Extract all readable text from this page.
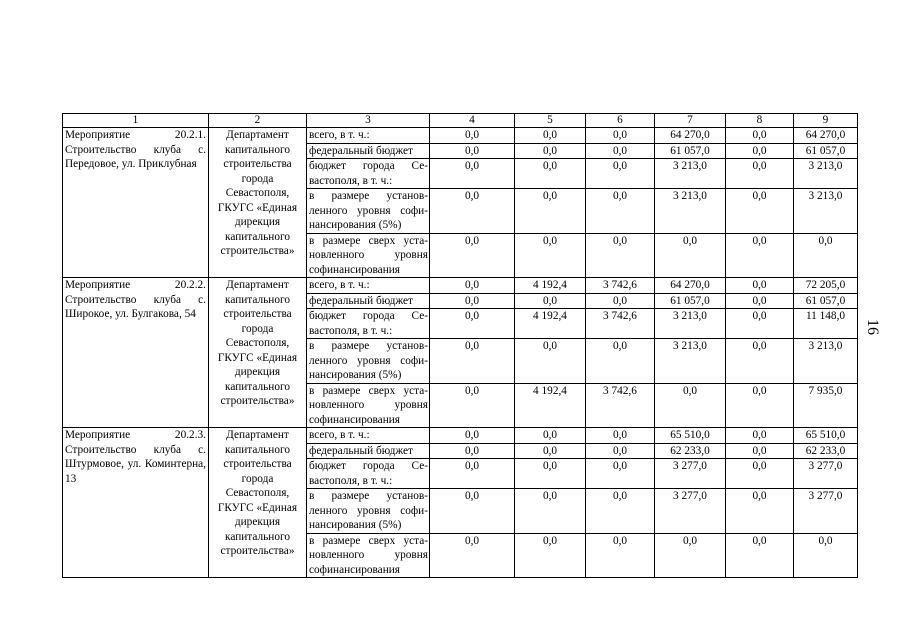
1	2	3	4	5	6	7	8	9
Мероприятие 20.2.1. Строительство клуба с. Передовое, ул. Приклубная	Департамент капитального строительства города Севастополя, ГКУГС «Единая дирекция капитального строительства»	всего, в т. ч.:	0,0	0,0	0,0	64 270,0	0,0	64 270,0
		федеральный бюджет	0,0	0,0	0,0	61 057,0	0,0	61 057,0
		бюджет города Севастополя, в т. ч.:	0,0	0,0	0,0	3 213,0	0,0	3 213,0
		в размере установленного уровня софинансирования (5%)	0,0	0,0	0,0	3 213,0	0,0	3 213,0
		в размере сверх установленного уровня софинансирования	0,0	0,0	0,0	0,0	0,0	0,0
Мероприятие 20.2.2. Строительство клуба с. Широкое, ул. Булгакова, 54	Департамент капитального строительства города Севастополя, ГКУГС «Единая дирекция капитального строительства»	всего, в т. ч.:	0,0	4 192,4	3 742,6	64 270,0	0,0	72 205,0
		федеральный бюджет	0,0	0,0	0,0	61 057,0	0,0	61 057,0
		бюджет города Севастополя, в т. ч.:	0,0	4 192,4	3 742,6	3 213,0	0,0	11 148,0
		в размере установленного уровня софинансирования (5%)	0,0	0,0	0,0	3 213,0	0,0	3 213,0
		в размере сверх установленного уровня софинансирования	0,0	4 192,4	3 742,6	0,0	0,0	7 935,0
Мероприятие 20.2.3. Строительство клуба с. Штурмовое, ул. Коминтерна, 13	Департамент капитального строительства города Севастополя, ГКУГС «Единая дирекция капитального строительства»	всего, в т. ч.:	0,0	0,0	0,0	65 510,0	0,0	65 510,0
		федеральный бюджет	0,0	0,0	0,0	62 233,0	0,0	62 233,0
		бюджет города Севастополя, в т. ч.:	0,0	0,0	0,0	3 277,0	0,0	3 277,0
		в размере установленного уровня софинансирования (5%)	0,0	0,0	0,0	3 277,0	0,0	3 277,0
		в размере сверх установленного уровня софинансирования	0,0	0,0	0,0	0,0	0,0	0,0
16
